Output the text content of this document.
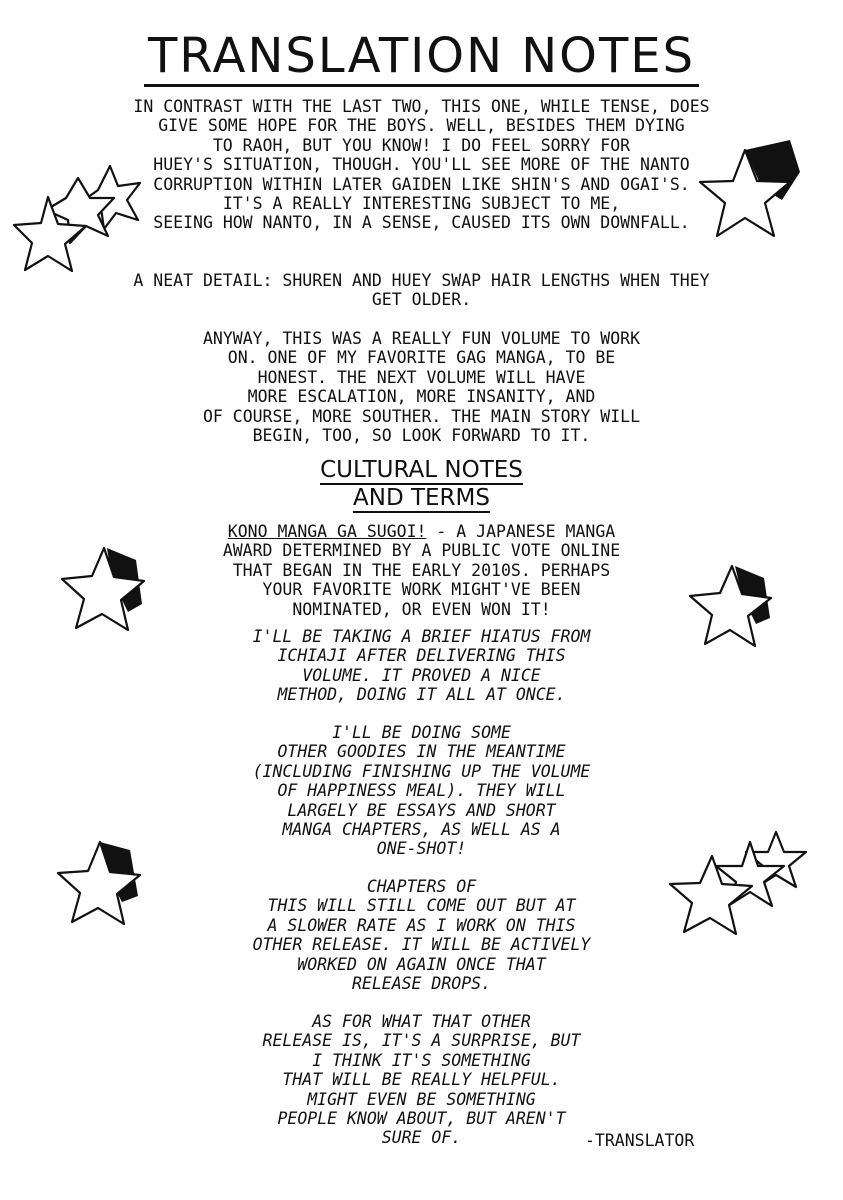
TRANSLATION NOTES
IN CONTRAST WITH THE LAST TWO, THIS ONE, WHILE TENSE, DOES
GIVE SOME HOPE FOR THE BOYS. WELL, BESIDES THEM DYING
TO RAOH, BUT YOU KNOW! I DO FEEL SORRY FOR
HUEY'S SITUATION, THOUGH. YOU'LL SEE MORE OF THE NANTO
CORRUPTION WITHIN LATER GAIDEN LIKE SHIN'S AND OGAI'S.
IT'S A REALLY INTERESTING SUBJECT TO ME,
SEEING HOW NANTO, IN A SENSE, CAUSED ITS OWN DOWNFALL.
A NEAT DETAIL: SHUREN AND HUEY SWAP HAIR LENGTHS WHEN THEY
GET OLDER.
ANYWAY, THIS WAS A REALLY FUN VOLUME TO WORK
ON. ONE OF MY FAVORITE GAG MANGA, TO BE
HONEST. THE NEXT VOLUME WILL HAVE
MORE ESCALATION, MORE INSANITY, AND
OF COURSE, MORE SOUTHER. THE MAIN STORY WILL
BEGIN, TOO, SO LOOK FORWARD TO IT.
CULTURAL NOTES
AND TERMS
KONO MANGA GA SUGOI! - A JAPANESE MANGA
AWARD DETERMINED BY A PUBLIC VOTE ONLINE
THAT BEGAN IN THE EARLY 2010S. PERHAPS
YOUR FAVORITE WORK MIGHT'VE BEEN
NOMINATED, OR EVEN WON IT!
I'LL BE TAKING A BRIEF HIATUS FROM
ICHIAJI AFTER DELIVERING THIS
VOLUME. IT PROVED A NICE
METHOD, DOING IT ALL AT ONCE.
I'LL BE DOING SOME
OTHER GOODIES IN THE MEANTIME
(INCLUDING FINISHING UP THE VOLUME
OF HAPPINESS MEAL). THEY WILL
LARGELY BE ESSAYS AND SHORT
MANGA CHAPTERS, AS WELL AS A
ONE-SHOT!
CHAPTERS OF
THIS WILL STILL COME OUT BUT AT
A SLOWER RATE AS I WORK ON THIS
OTHER RELEASE. IT WILL BE ACTIVELY
WORKED ON AGAIN ONCE THAT
RELEASE DROPS.
AS FOR WHAT THAT OTHER
RELEASE IS, IT'S A SURPRISE, BUT
I THINK IT'S SOMETHING
THAT WILL BE REALLY HELPFUL.
MIGHT EVEN BE SOMETHING
PEOPLE KNOW ABOUT, BUT AREN'T
SURE OF.	-TRANSLATOR
